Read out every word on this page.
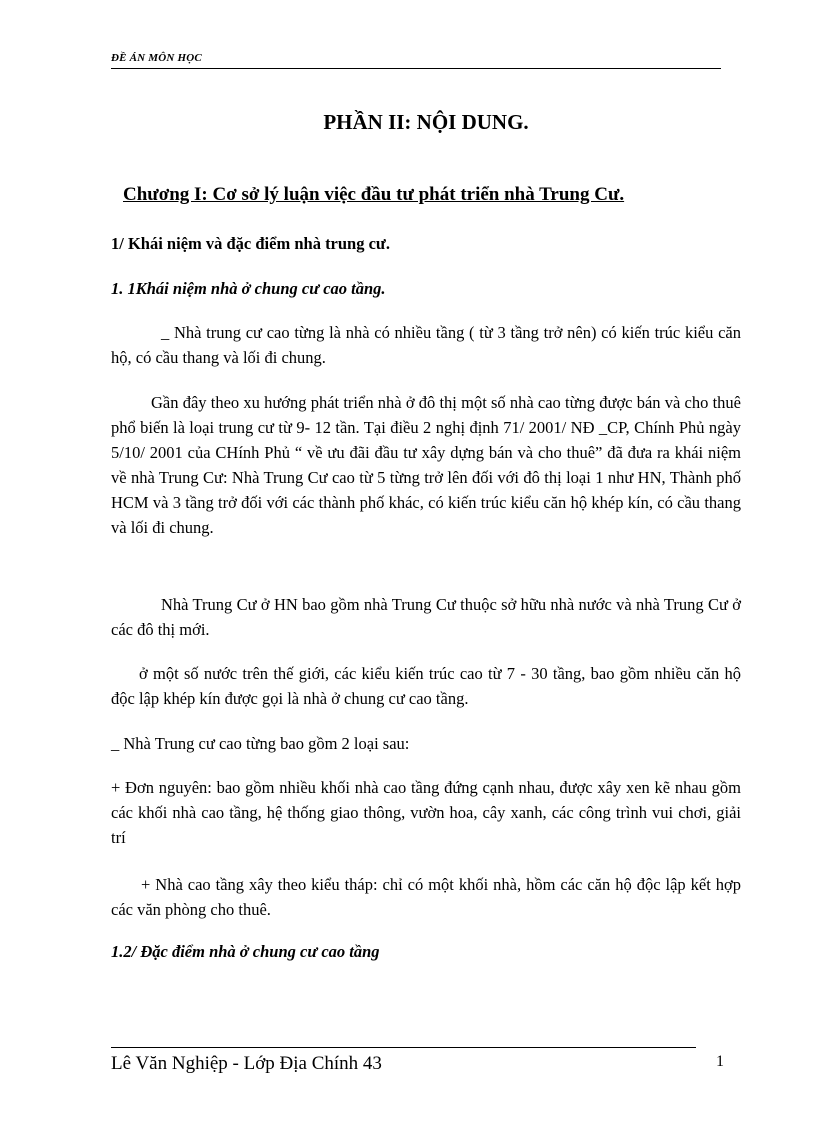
ĐỀ ÁN MÔN HỌC
PHẦN II: NỘI DUNG.
Chương I: Cơ sở lý luận việc đầu tư phát triển nhà Trung Cư.
1/ Khái niệm và đặc điểm nhà trung cư.
1. 1Khái niệm nhà ở chung cư cao tầng.
_ Nhà trung cư cao từng là nhà có nhiều tầng ( từ 3 tầng trở nên) có kiến trúc kiểu căn hộ, có cầu thang và lối đi chung.
Gần đây theo xu hướng phát triển nhà ở đô thị một số nhà cao từng được bán và cho thuê phổ biến là loại trung cư từ 9- 12 tần. Tại điều 2 nghị định 71/ 2001/ NĐ _CP, Chính Phủ ngày 5/10/ 2001 của CHính Phủ “ về ưu đãi đầu tư xây dựng bán và cho thuê” đã đưa ra khái niệm về nhà Trung Cư: Nhà Trung Cư cao từ 5 từng trở lên đối với đô thị loại 1 như HN, Thành phố HCM và 3 tầng trở đối với các thành phố khác, có kiến trúc kiểu căn hộ khép kín, có cầu thang và lối đi chung.
Nhà Trung Cư ở HN bao gồm nhà Trung Cư thuộc sở hữu nhà nước và nhà Trung Cư ở các đô thị mới.
ở một số nước trên thế giới, các kiểu kiến trúc cao từ 7 - 30 tầng, bao gồm nhiều căn hộ độc lập khép kín được gọi là nhà ở chung cư cao tầng.
_ Nhà Trung cư cao từng bao gồm 2 loại sau:
+ Đơn nguyên: bao gồm nhiều khối nhà cao tầng đứng cạnh nhau, được xây xen kẽ nhau gồm các khối nhà cao tầng, hệ thống giao thông, vườn hoa, cây xanh, các công trình vui chơi, giải trí
+ Nhà cao tầng xây theo kiểu tháp: chỉ có một khối nhà, hồm các căn hộ độc lập kết hợp các văn phòng cho thuê.
1.2/ Đặc điểm nhà ở chung cư cao tầng
Lê Văn Nghiệp - Lớp Địa Chính 43	1
